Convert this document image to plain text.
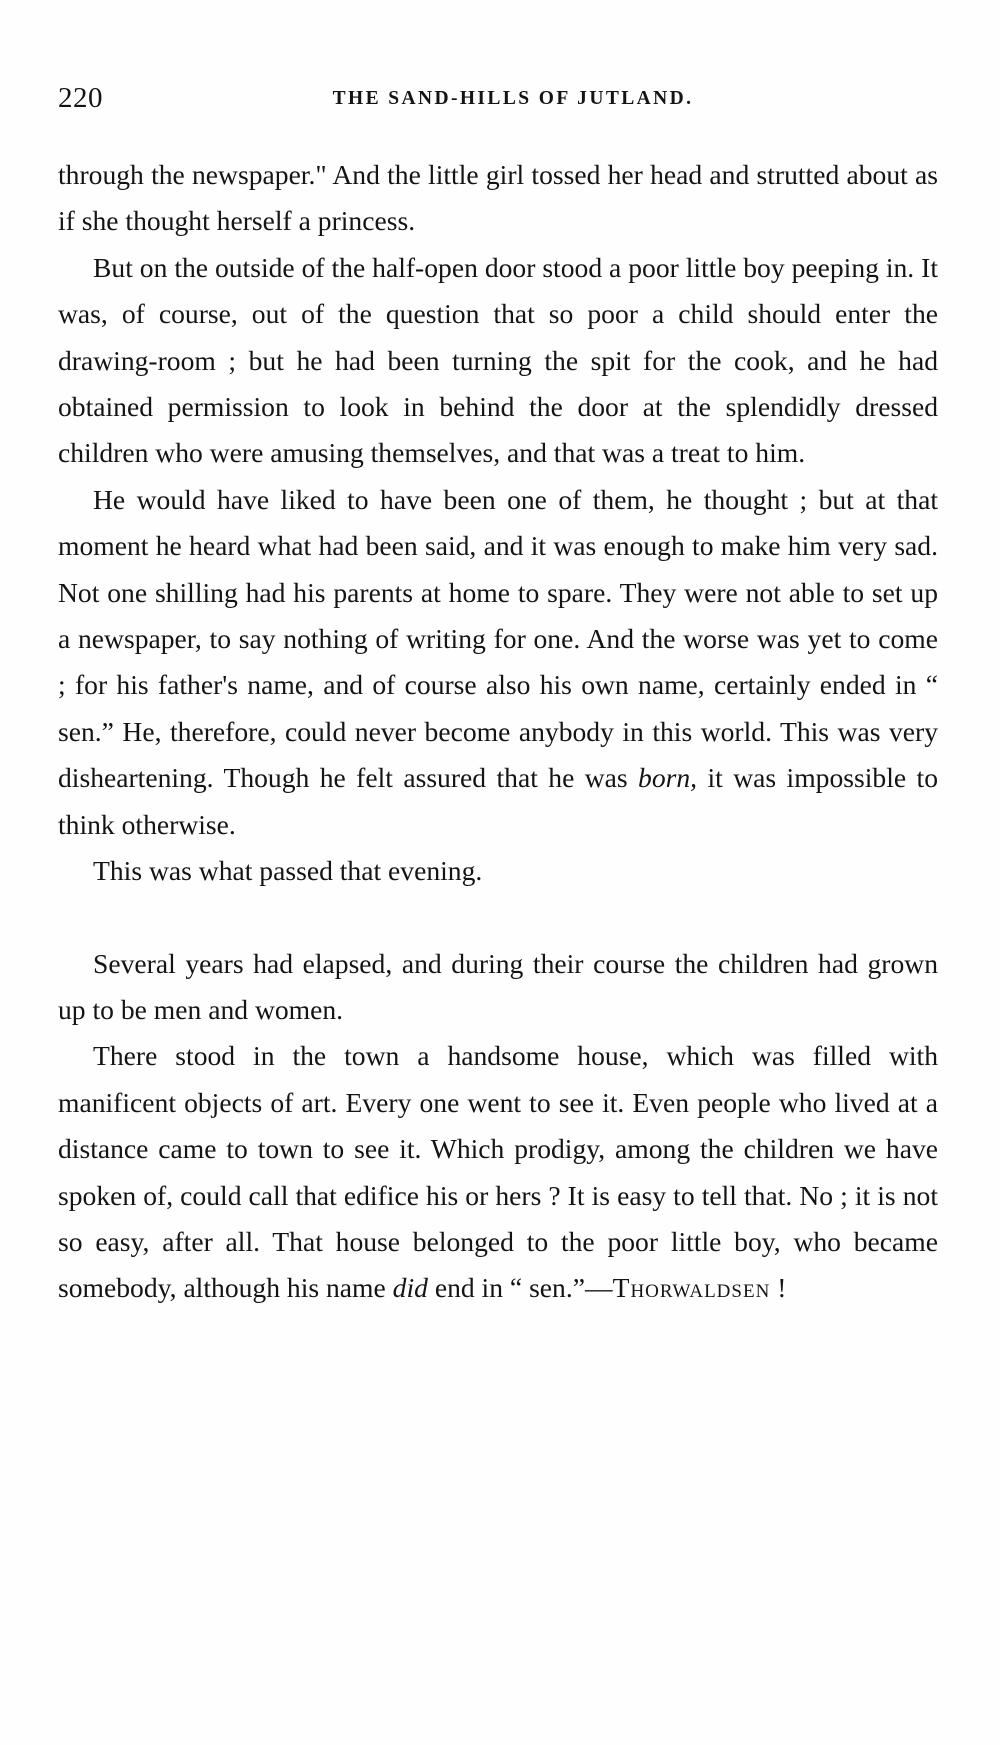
220	THE SAND-HILLS OF JUTLAND.

through the newspaper." And the little girl tossed her head and strutted about as if she thought herself a princess.

But on the outside of the half-open door stood a poor little boy peeping in. It was, of course, out of the question that so poor a child should enter the drawing-room ; but he had been turning the spit for the cook, and he had obtained permission to look in behind the door at the splendidly dressed children who were amusing themselves, and that was a treat to him.

He would have liked to have been one of them, he thought ; but at that moment he heard what had been said, and it was enough to make him very sad. Not one shilling had his parents at home to spare. They were not able to set up a newspaper, to say nothing of writing for one. And the worse was yet to come ; for his father's name, and of course also his own name, certainly ended in “ sen.” He, therefore, could never become anybody in this world. This was very disheartening. Though he felt assured that he was born, it was impossible to think otherwise.

This was what passed that evening.

Several years had elapsed, and during their course the children had grown up to be men and women.

There stood in the town a handsome house, which was filled with manificent objects of art. Every one went to see it. Even people who lived at a distance came to town to see it. Which prodigy, among the children we have spoken of, could call that edifice his or hers ? It is easy to tell that. No ; it is not so easy, after all. That house belonged to the poor little boy, who became somebody, although his name did end in “ sen.”—Thorwaldsen !
